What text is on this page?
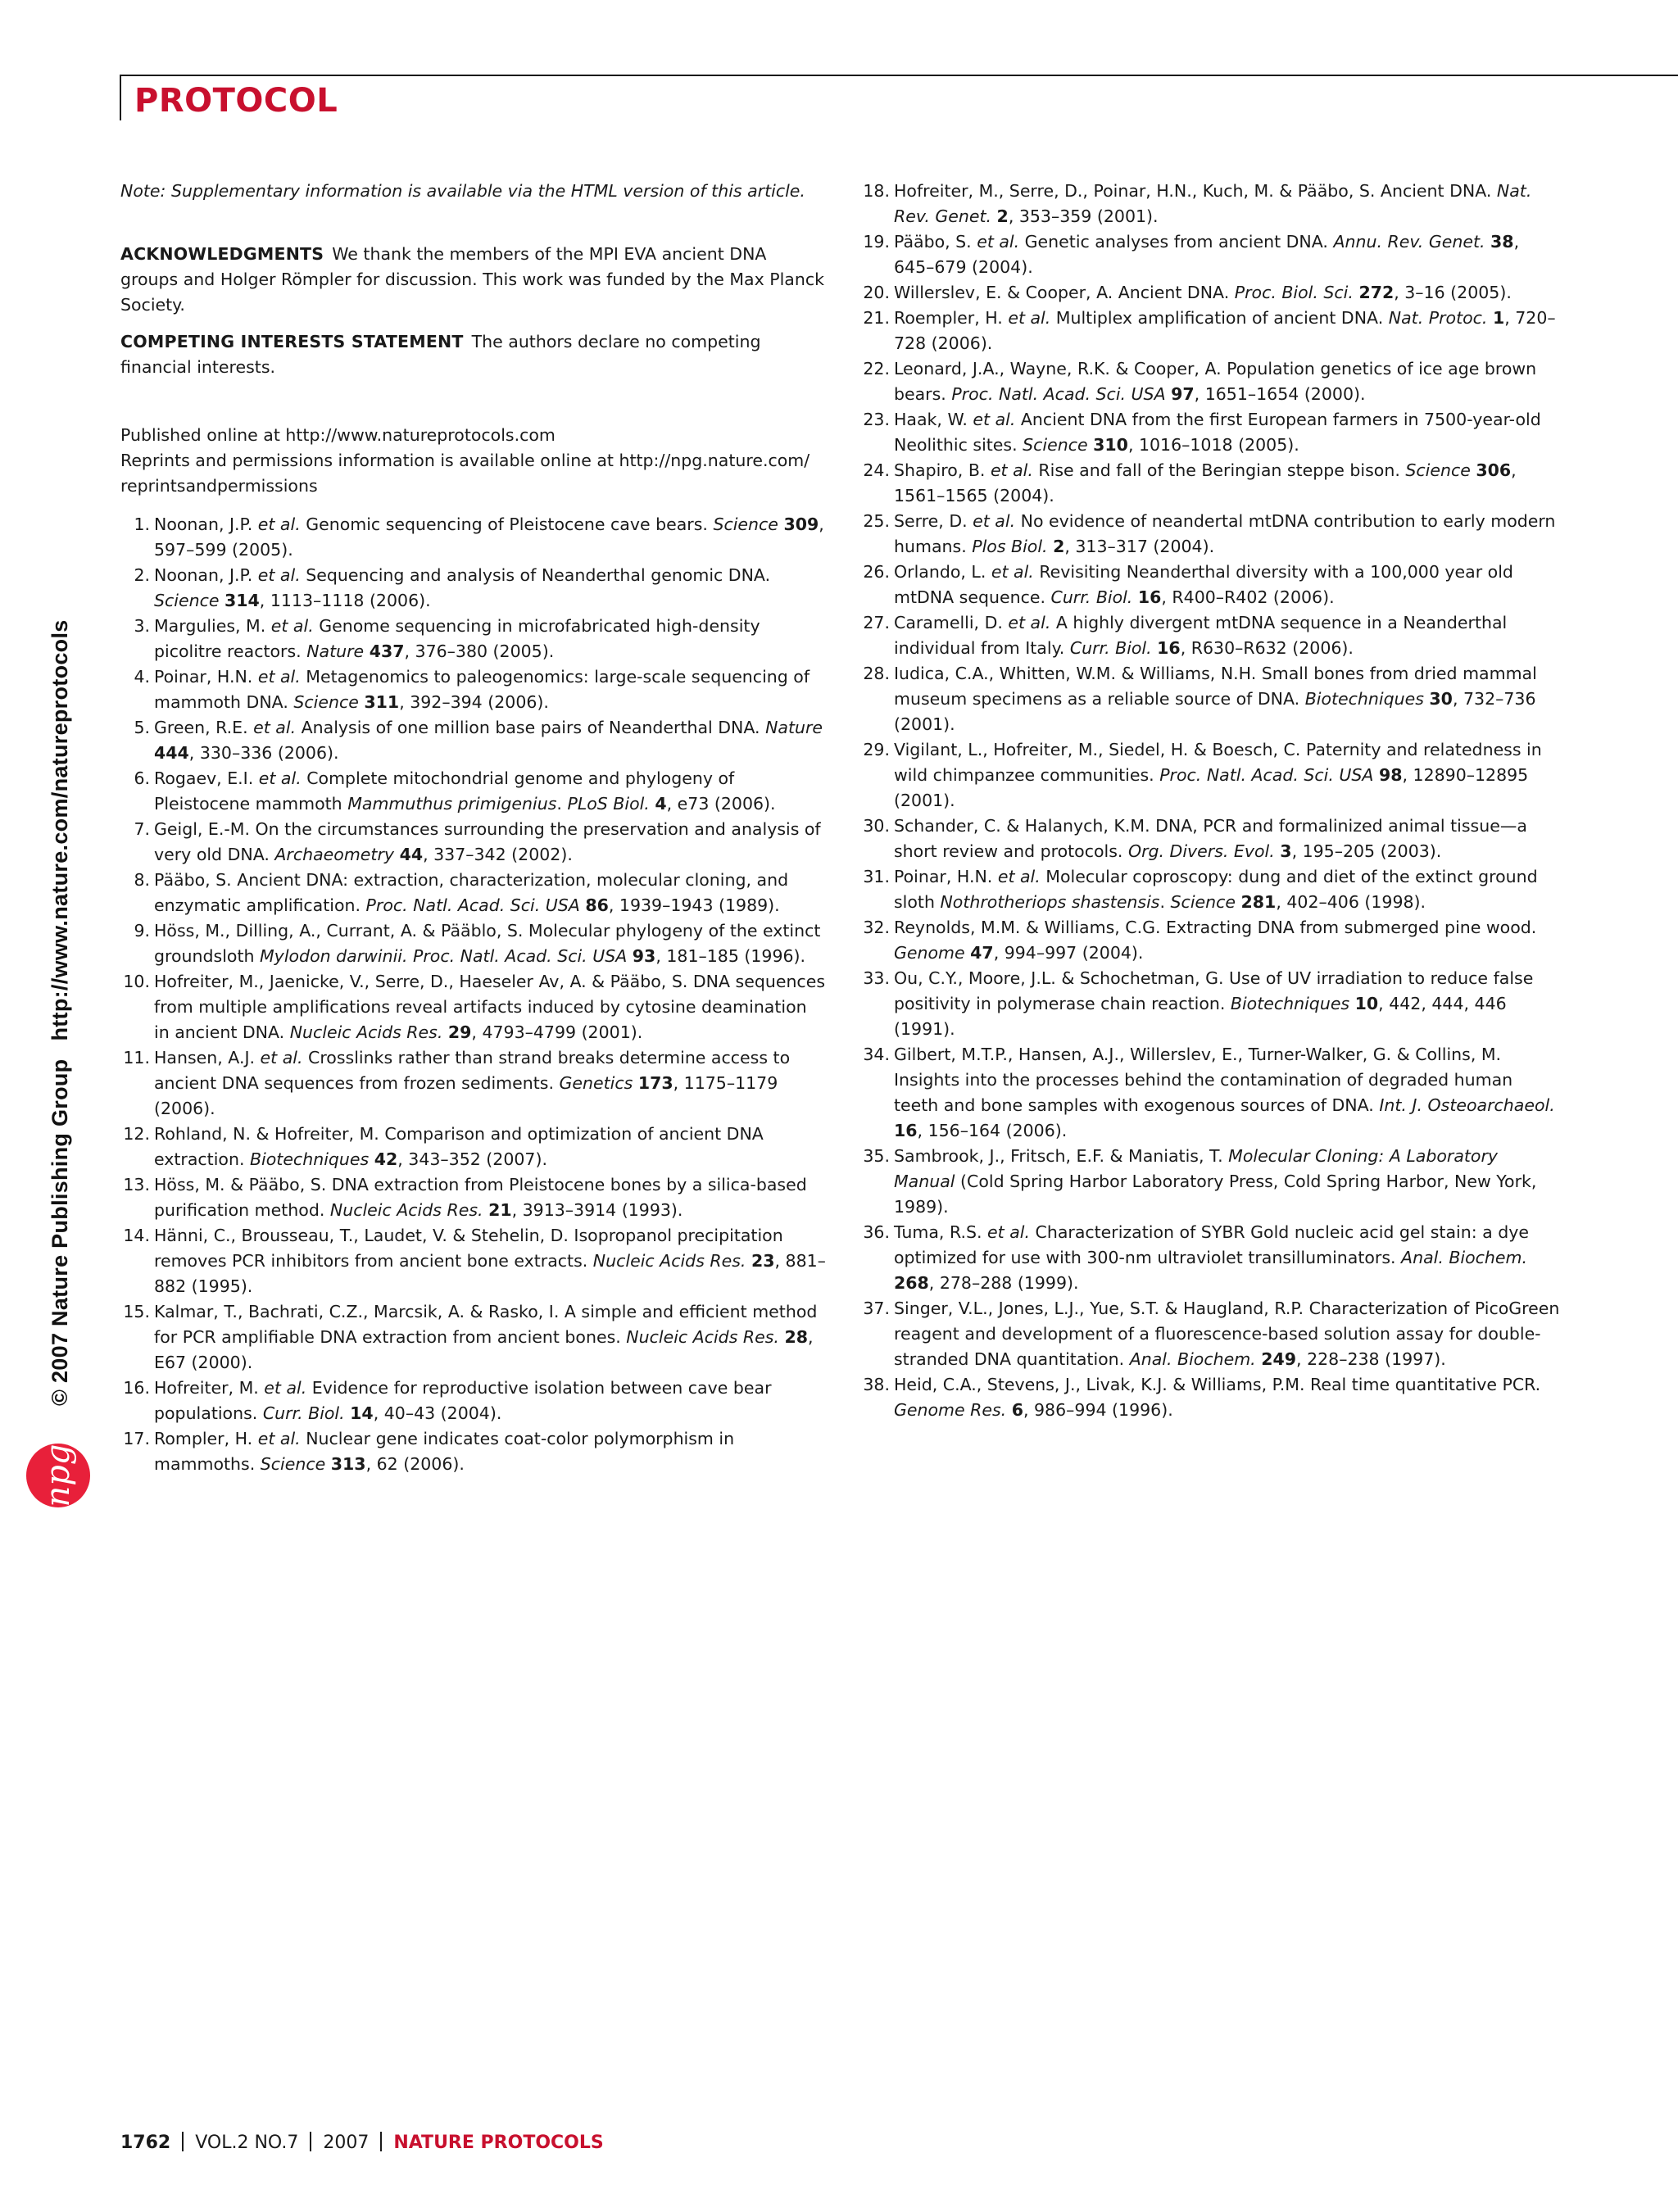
PROTOCOL
© 2007 Nature Publishing Grouphttp://www.nature.com/natureprotocols
npg

Note: Supplementary information is available via the HTML version of this article.

ACKNOWLEDGMENTS We thank the members of the MPI EVA ancient DNA groups and Holger Römpler for discussion. This work was funded by the Max Planck Society.

COMPETING INTERESTS STATEMENT The authors declare no competing financial interests.

Published online at http://www.natureprotocols.com
Reprints and permissions information is available online at http://npg.nature.com/ reprintsandpermissions
1. Noonan, J.P. et al. Genomic sequencing of Pleistocene cave bears. Science 309, 597–599 (2005).
2. Noonan, J.P. et al. Sequencing and analysis of Neanderthal genomic DNA. Science 314, 1113–1118 (2006).
3. Margulies, M. et al. Genome sequencing in microfabricated high-density picolitre reactors. Nature 437, 376–380 (2005).
4. Poinar, H.N. et al. Metagenomics to paleogenomics: large-scale sequencing of mammoth DNA. Science 311, 392–394 (2006).
5. Green, R.E. et al. Analysis of one million base pairs of Neanderthal DNA. Nature 444, 330–336 (2006).
6. Rogaev, E.I. et al. Complete mitochondrial genome and phylogeny of Pleistocene mammoth Mammuthus primigenius. PLoS Biol. 4, e73 (2006).
7. Geigl, E.-M. On the circumstances surrounding the preservation and analysis of very old DNA. Archaeometry 44, 337–342 (2002).
8. Pääbo, S. Ancient DNA: extraction, characterization, molecular cloning, and enzymatic amplification. Proc. Natl. Acad. Sci. USA 86, 1939–1943 (1989).
9. Höss, M., Dilling, A., Currant, A. & Pääblo, S. Molecular phylogeny of the extinct groundsloth Mylodon darwinii. Proc. Natl. Acad. Sci. USA 93, 181–185 (1996).
10. Hofreiter, M., Jaenicke, V., Serre, D., Haeseler Av, A. & Pääbo, S. DNA sequences from multiple amplifications reveal artifacts induced by cytosine deamination in ancient DNA. Nucleic Acids Res. 29, 4793–4799 (2001).
11. Hansen, A.J. et al. Crosslinks rather than strand breaks determine access to ancient DNA sequences from frozen sediments. Genetics 173, 1175–1179 (2006).
12. Rohland, N. & Hofreiter, M. Comparison and optimization of ancient DNA extraction. Biotechniques 42, 343–352 (2007).
13. Höss, M. & Pääbo, S. DNA extraction from Pleistocene bones by a silica-based purification method. Nucleic Acids Res. 21, 3913–3914 (1993).
14. Hänni, C., Brousseau, T., Laudet, V. & Stehelin, D. Isopropanol precipitation removes PCR inhibitors from ancient bone extracts. Nucleic Acids Res. 23, 881–882 (1995).
15. Kalmar, T., Bachrati, C.Z., Marcsik, A. & Rasko, I. A simple and efficient method for PCR amplifiable DNA extraction from ancient bones. Nucleic Acids Res. 28, E67 (2000).
16. Hofreiter, M. et al. Evidence for reproductive isolation between cave bear populations. Curr. Biol. 14, 40–43 (2004).
17. Rompler, H. et al. Nuclear gene indicates coat-color polymorphism in mammoths. Science 313, 62 (2006).
18. Hofreiter, M., Serre, D., Poinar, H.N., Kuch, M. & Pääbo, S. Ancient DNA. Nat. Rev. Genet. 2, 353–359 (2001).
19. Pääbo, S. et al. Genetic analyses from ancient DNA. Annu. Rev. Genet. 38, 645–679 (2004).
20. Willerslev, E. & Cooper, A. Ancient DNA. Proc. Biol. Sci. 272, 3–16 (2005).
21. Roempler, H. et al. Multiplex amplification of ancient DNA. Nat. Protoc. 1, 720–728 (2006).
22. Leonard, J.A., Wayne, R.K. & Cooper, A. Population genetics of ice age brown bears. Proc. Natl. Acad. Sci. USA 97, 1651–1654 (2000).
23. Haak, W. et al. Ancient DNA from the first European farmers in 7500-year-old Neolithic sites. Science 310, 1016–1018 (2005).
24. Shapiro, B. et al. Rise and fall of the Beringian steppe bison. Science 306, 1561–1565 (2004).
25. Serre, D. et al. No evidence of neandertal mtDNA contribution to early modern humans. Plos Biol. 2, 313–317 (2004).
26. Orlando, L. et al. Revisiting Neanderthal diversity with a 100,000 year old mtDNA sequence. Curr. Biol. 16, R400–R402 (2006).
27. Caramelli, D. et al. A highly divergent mtDNA sequence in a Neanderthal individual from Italy. Curr. Biol. 16, R630–R632 (2006).
28. Iudica, C.A., Whitten, W.M. & Williams, N.H. Small bones from dried mammal museum specimens as a reliable source of DNA. Biotechniques 30, 732–736 (2001).
29. Vigilant, L., Hofreiter, M., Siedel, H. & Boesch, C. Paternity and relatedness in wild chimpanzee communities. Proc. Natl. Acad. Sci. USA 98, 12890–12895 (2001).
30. Schander, C. & Halanych, K.M. DNA, PCR and formalinized animal tissue—a short review and protocols. Org. Divers. Evol. 3, 195–205 (2003).
31. Poinar, H.N. et al. Molecular coproscopy: dung and diet of the extinct ground sloth Nothrotheriops shastensis. Science 281, 402–406 (1998).
32. Reynolds, M.M. & Williams, C.G. Extracting DNA from submerged pine wood. Genome 47, 994–997 (2004).
33. Ou, C.Y., Moore, J.L. & Schochetman, G. Use of UV irradiation to reduce false positivity in polymerase chain reaction. Biotechniques 10, 442, 444, 446 (1991).
34. Gilbert, M.T.P., Hansen, A.J., Willerslev, E., Turner-Walker, G. & Collins, M. Insights into the processes behind the contamination of degraded human teeth and bone samples with exogenous sources of DNA. Int. J. Osteoarchaeol. 16, 156–164 (2006).
35. Sambrook, J., Fritsch, E.F. & Maniatis, T. Molecular Cloning: A Laboratory Manual (Cold Spring Harbor Laboratory Press, Cold Spring Harbor, New York, 1989).
36. Tuma, R.S. et al. Characterization of SYBR Gold nucleic acid gel stain: a dye optimized for use with 300-nm ultraviolet transilluminators. Anal. Biochem. 268, 278–288 (1999).
37. Singer, V.L., Jones, L.J., Yue, S.T. & Haugland, R.P. Characterization of PicoGreen reagent and development of a fluorescence-based solution assay for double-stranded DNA quantitation. Anal. Biochem. 249, 228–238 (1997).
38. Heid, C.A., Stevens, J., Livak, K.J. & Williams, P.M. Real time quantitative PCR. Genome Res. 6, 986–994 (1996).
1762 VOL.2 NO.7 2007 NATURE PROTOCOLS
